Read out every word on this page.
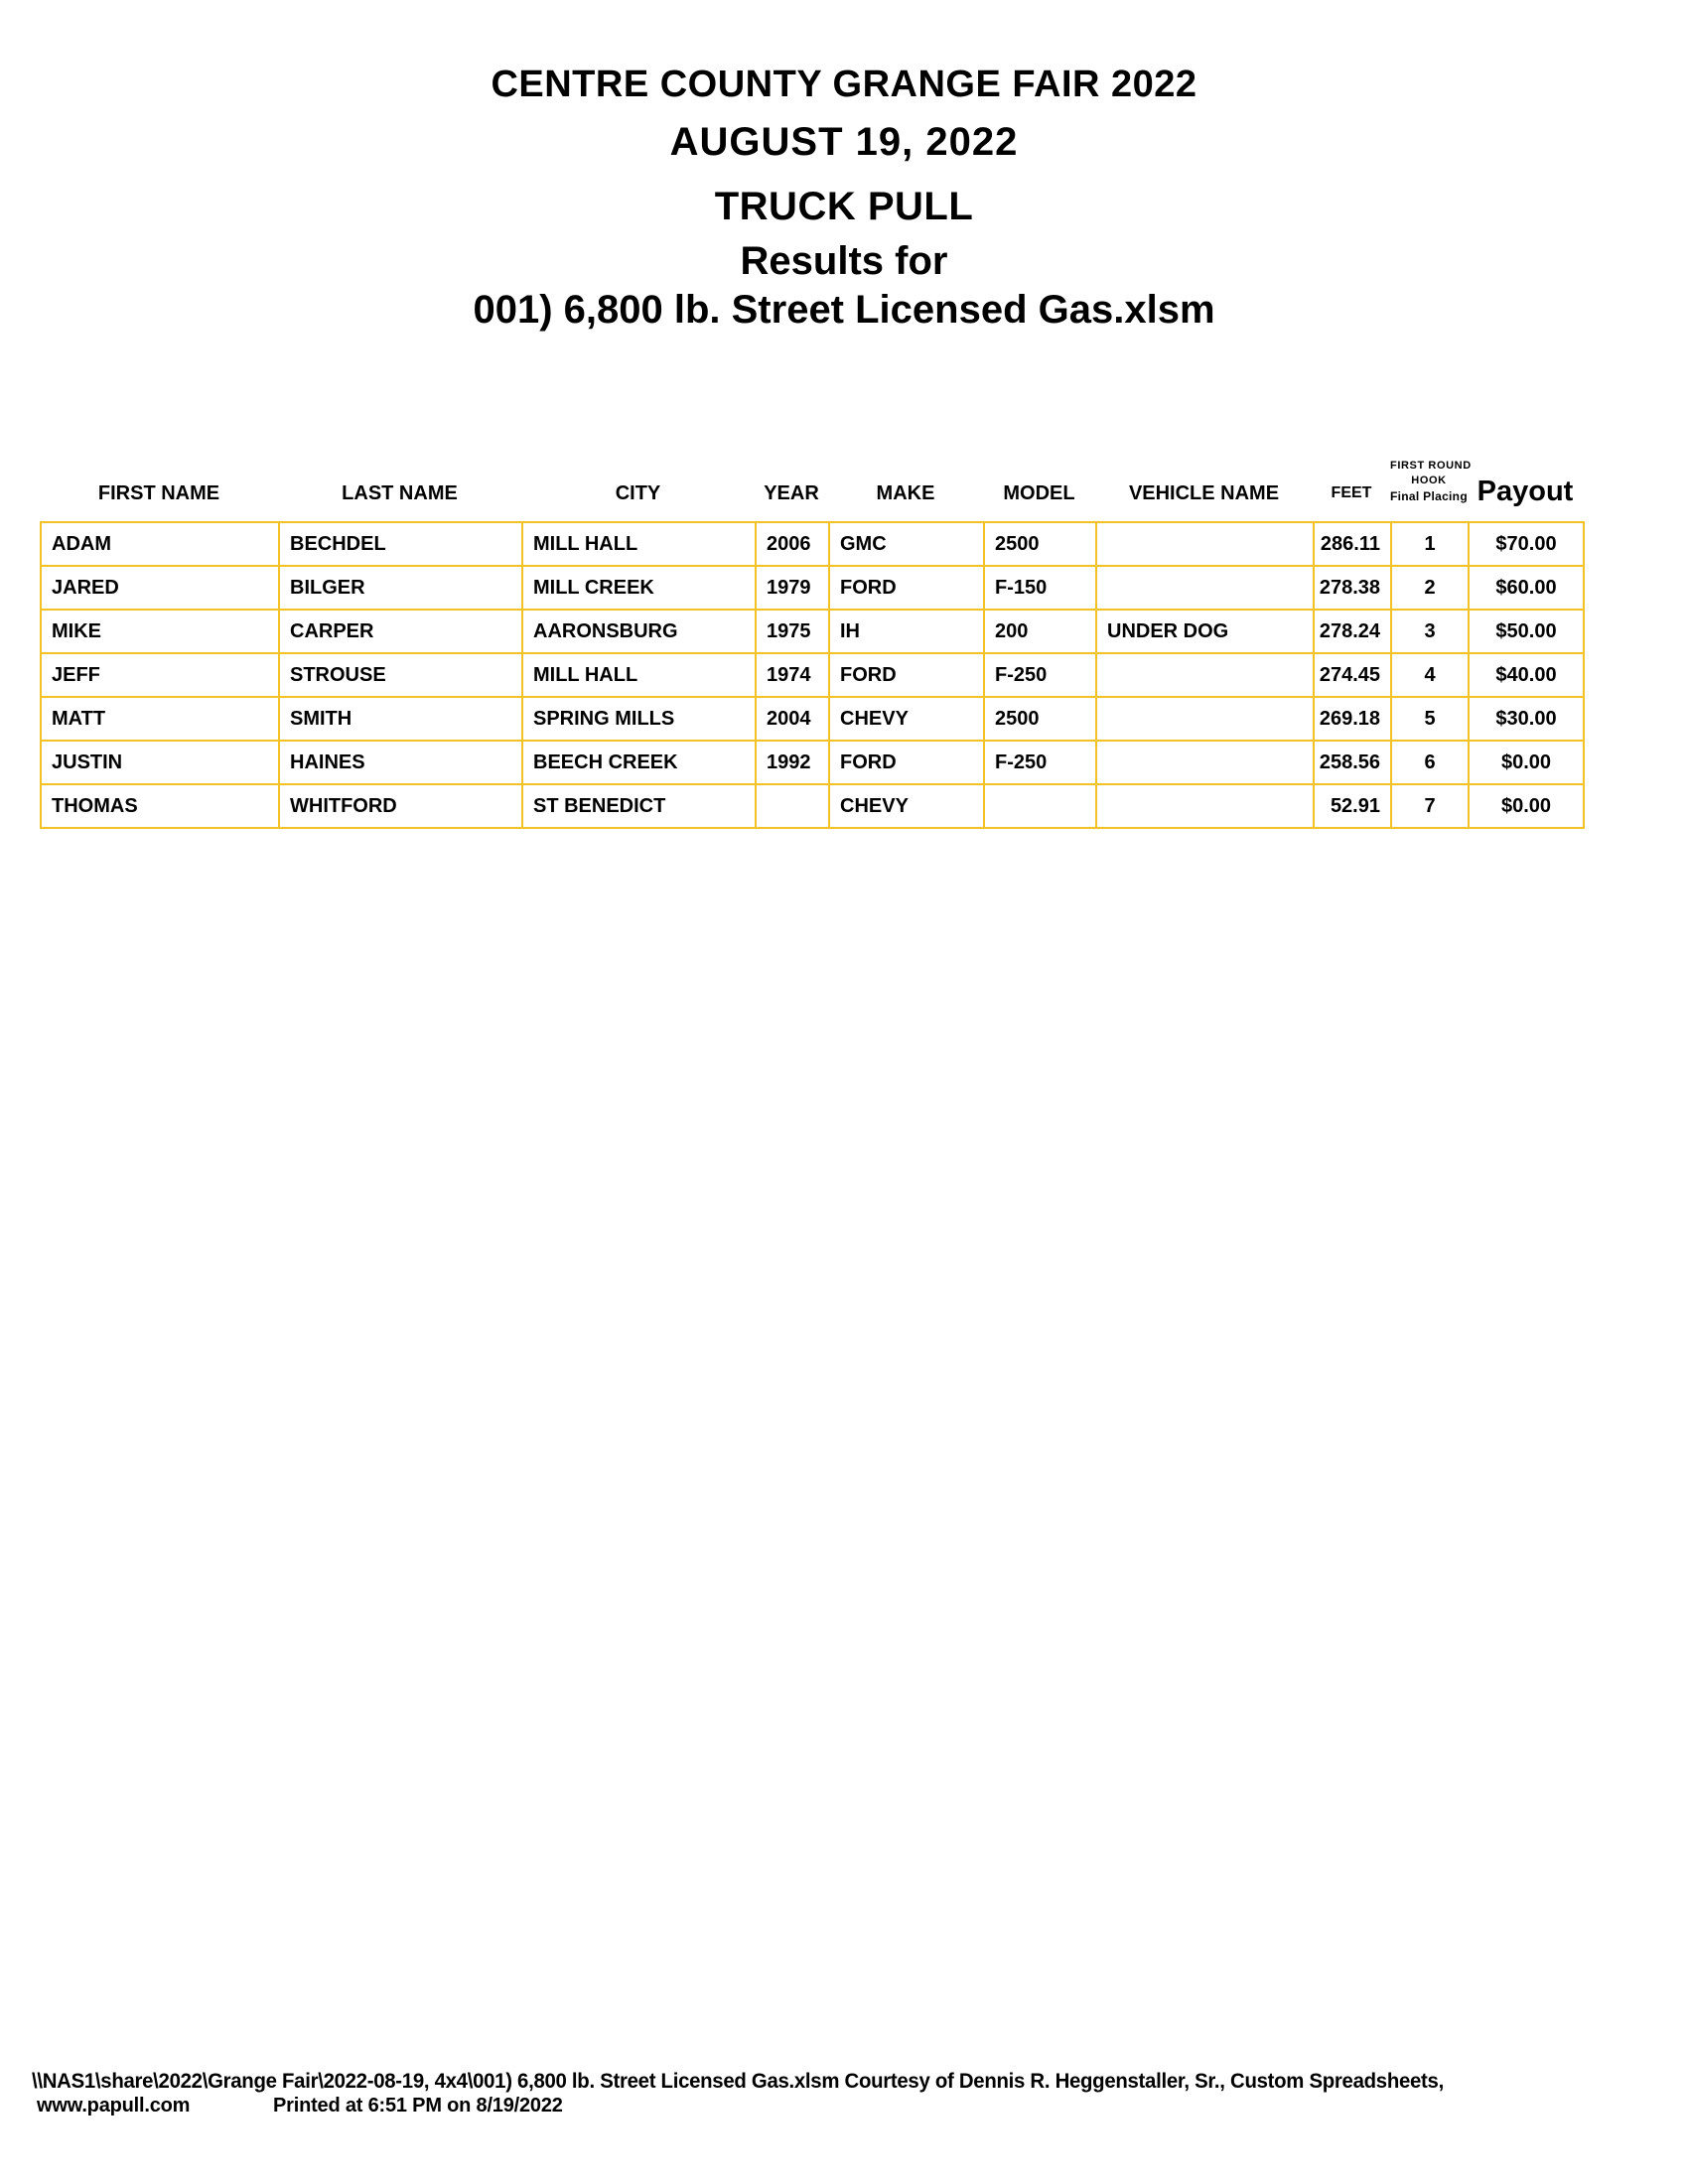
CENTRE COUNTY GRANGE FAIR 2022
AUGUST 19, 2022
TRUCK PULL
Results for
001) 6,800 lb. Street Licensed Gas.xlsm
FIRST NAME	LAST NAME	CITY	YEAR	MAKE	MODEL	VEHICLE NAME	FEET
FIRST ROUND
HOOK
Final Placing Payout
ADAM	BECHDEL	MILL HALL	2006	GMC	2500		286.11	1	$70.00
JARED	BILGER	MILL CREEK	1979	FORD	F-150		278.38	2	$60.00
MIKE	CARPER	AARONSBURG	1975	IH	200	UNDER DOG	278.24	3	$50.00
JEFF	STROUSE	MILL HALL	1974	FORD	F-250		274.45	4	$40.00
MATT	SMITH	SPRING MILLS	2004	CHEVY	2500		269.18	5	$30.00
JUSTIN	HAINES	BEECH CREEK	1992	FORD	F-250		258.56	6	$0.00
THOMAS	WHITFORD	ST BENEDICT		CHEVY			52.91	7	$0.00
\\NAS1\share\2022\Grange Fair\2022-08-19, 4x4\001) 6,800 lb. Street Licensed Gas.xlsm Courtesy of Dennis R. Heggenstaller, Sr., Custom Spreadsheets,
www.papull.com	Printed at 6:51 PM on 8/19/2022
